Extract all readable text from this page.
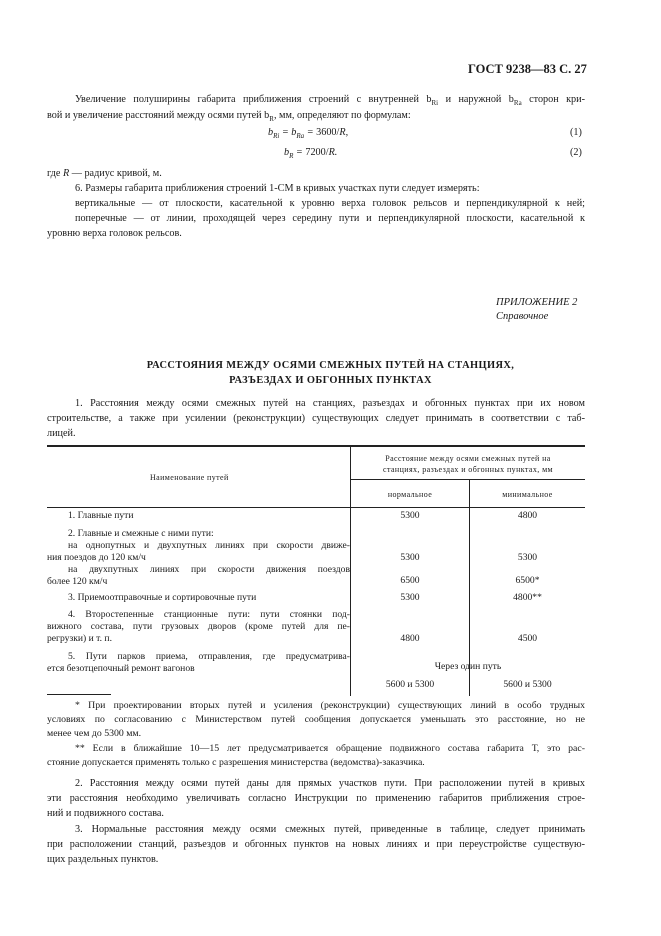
ГОСТ 9238—83 С. 27
Увеличение полуширины габарита приближения строений с внутренней $b_{Ri}$ и наружной $b_{Ra}$ сторон кри-
вой и увеличение расстояний между осями путей $b_R$, мм, определяют по формулам:
$b_{Ri} = b_{Ra} = 3600/R$,	(1)
$b_R = 7200/R$.	(2)
где R — радиус кривой, м.
6. Размеры габарита приближения строений 1-СМ в кривых участках пути следует измерять:
вертикальные — от плоскости, касательной к уровню верха головок рельсов и перпендикулярной к ней;
поперечные — от линии, проходящей через середину пути и перпендикулярной плоскости, касательной к
уровню верха головок рельсов.
ПРИЛОЖЕНИЕ 2
Справочное
РАССТОЯНИЯ МЕЖДУ ОСЯМИ СМЕЖНЫХ ПУТЕЙ НА СТАНЦИЯХ,
РАЗЪЕЗДАХ И ОБГОННЫХ ПУНКТАХ
1. Расстояния между осями смежных путей на станциях, разъездах и обгонных пунктах при их новом
строительстве, а также при усилении (реконструкции) существующих следует принимать в соответствии с таб-
лицей.
Наименование путей
Расстояние между осями смежных путей на
станциях, разъездах и обгонных пунктах, мм
нормальное	минимальное
1. Главные пути	5300	4800
2. Главные и смежные с ними пути:
на однопутных и двухпутных линиях при скорости движе-
ния поездов до 120 км/ч	5300	5300
на двухпутных линиях при скорости движения поездов
более 120 км/ч	6500	6500*
3. Приемоотправочные и сортировочные пути	5300	4800**
4. Второстепенные станционные пути: пути стоянки под-
вижного состава, пути грузовых дворов (кроме путей для пе-
регрузки) и т. п.	4800	4500
5. Пути парков приема, отправления, где предусматрива-
ется безотцепочный ремонт вагонов	Через один путь
5600 и 5300	5600 и 5300
* При проектировании вторых путей и усиления (реконструкции) существующих линий в особо трудных
условиях по согласованию с Министерством путей сообщения допускается уменьшать это расстояние, но не
менее чем до 5300 мм.
** Если в ближайшие 10—15 лет предусматривается обращение подвижного состава габарита Т, это рас-
стояние допускается применять только с разрешения министерства (ведомства)-заказчика.
2. Расстояния между осями путей даны для прямых участков пути. При расположении путей в кривых
эти расстояния необходимо увеличивать согласно Инструкции по применению габаритов приближения строе-
ний и подвижного состава.
3. Нормальные расстояния между осями смежных путей, приведенные в таблице, следует принимать
при расположении станций, разъездов и обгонных пунктов на новых линиях и при переустройстве существую-
щих раздельных пунктов.
